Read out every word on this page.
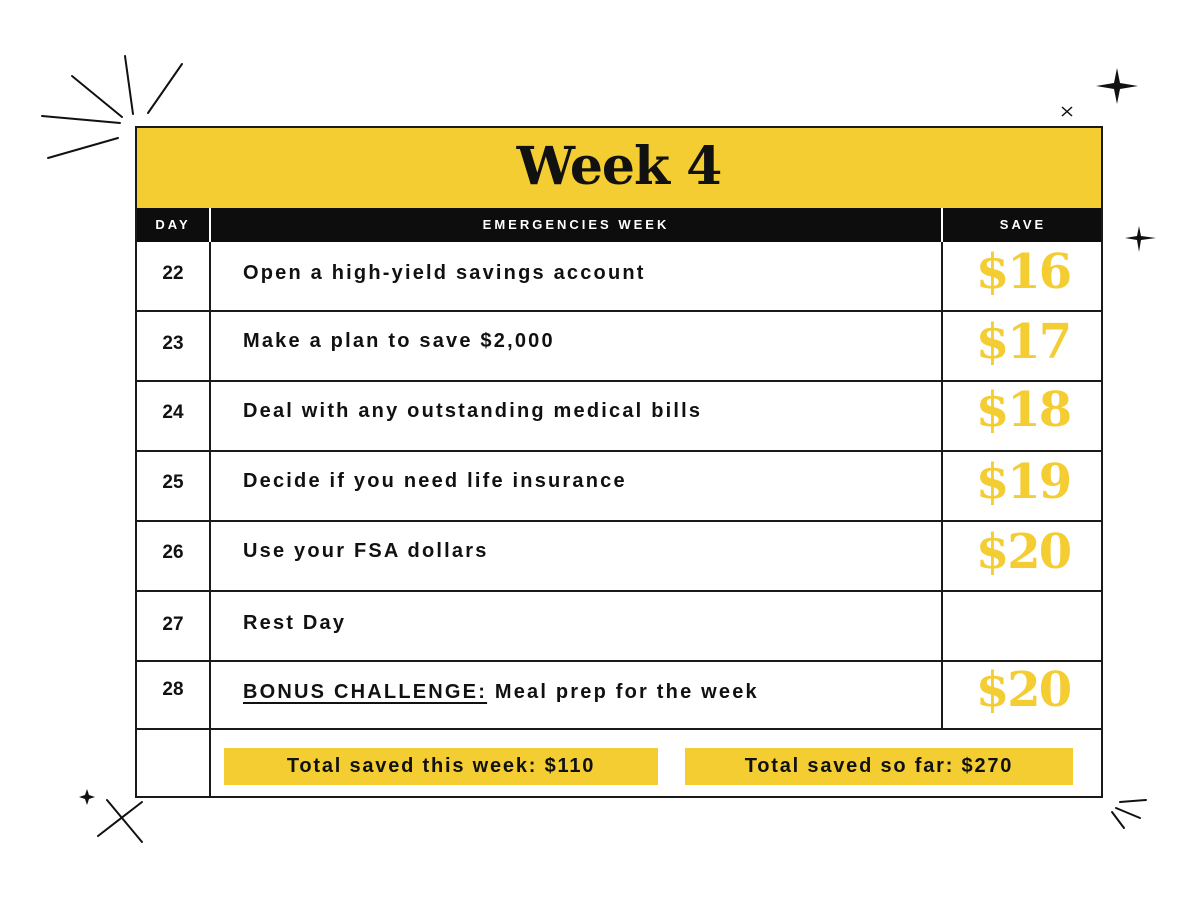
Week 4
DAY	EMERGENCIES WEEK	SAVE
22	Open a high-yield savings account	$16
23	Make a plan to save $2,000	$17
24	Deal with any outstanding medical bills	$18
25	Decide if you need life insurance	$19
26	Use your FSA dollars	$20
27	Rest Day
28	BONUS CHALLENGE: Meal prep for the week	$20
Total saved this week: $110	Total saved so far: $270
